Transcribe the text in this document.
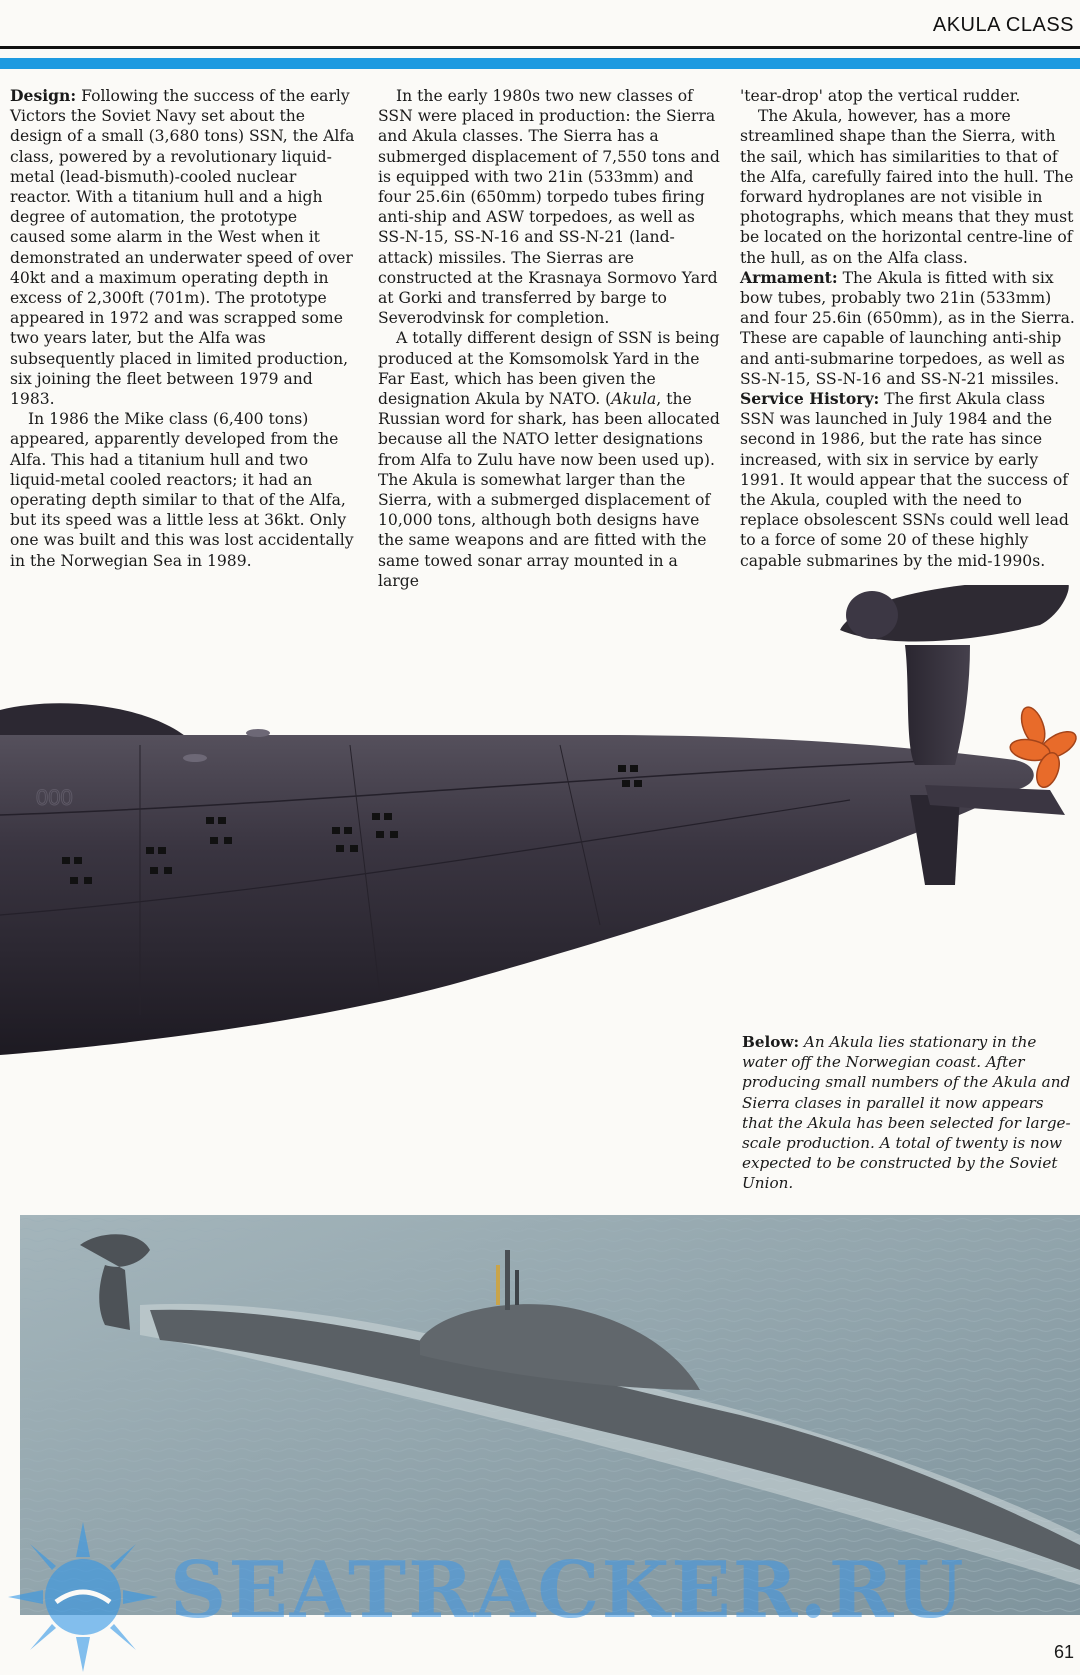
AKULA CLASS

Design: Following the success of the early Victors the Soviet Navy set about the design of a small (3,680 tons) SSN, the Alfa class, powered by a revolutionary liquid-metal (lead-bismuth)-cooled nuclear reactor. With a titanium hull and a high degree of automation, the prototype caused some alarm in the West when it demonstrated an underwater speed of over 40kt and a maximum operating depth in excess of 2,300ft (701m). The prototype appeared in 1972 and was scrapped some two years later, but the Alfa was subsequently placed in limited production, six joining the fleet between 1979 and 1983.

In 1986 the Mike class (6,400 tons) appeared, apparently developed from the Alfa. This had a titanium hull and two liquid-metal cooled reactors; it had an operating depth similar to that of the Alfa, but its speed was a little less at 36kt. Only one was built and this was lost accidentally in the Norwegian Sea in 1989.

In the early 1980s two new classes of SSN were placed in production: the Sierra and Akula classes. The Sierra has a submerged displacement of 7,550 tons and is equipped with two 21in (533mm) and four 25.6in (650mm) torpedo tubes firing anti-ship and ASW torpedoes, as well as SS-N-15, SS-N-16 and SS-N-21 (land-attack) missiles. The Sierras are constructed at the Krasnaya Sormovo Yard at Gorki and transferred by barge to Severodvinsk for completion.

A totally different design of SSN is being produced at the Komsomolsk Yard in the Far East, which has been given the designation Akula by NATO. (Akula, the Russian word for shark, has been allocated because all the NATO letter designations from Alfa to Zulu have now been used up). The Akula is somewhat larger than the Sierra, with a submerged displacement of 10,000 tons, although both designs have the same weapons and are fitted with the same towed sonar array mounted in a large

'tear-drop' atop the vertical rudder.

The Akula, however, has a more streamlined shape than the Sierra, with the sail, which has similarities to that of the Alfa, carefully faired into the hull. The forward hydroplanes are not visible in photographs, which means that they must be located on the horizontal centre-line of the hull, as on the Alfa class.

Armament: The Akula is fitted with six bow tubes, probably two 21in (533mm) and four 25.6in (650mm), as in the Sierra. These are capable of launching anti-ship and anti-submarine torpedoes, as well as SS-N-15, SS-N-16 and SS-N-21 missiles.

Service History: The first Akula class SSN was launched in July 1984 and the second in 1986, but the rate has since increased, with six in service by early 1991. It would appear that the success of the Akula, coupled with the need to replace obsolescent SSNs could well lead to a force of some 20 of these highly capable submarines by the mid-1990s.

000
Below: An Akula lies stationary in the water off the Norwegian coast. After producing small numbers of the Akula and Sierra clases in parallel it now appears that the Akula has been selected for large-scale production. A total of twenty is now expected to be constructed by the Soviet Union.
SEATRACKER.RU
61
